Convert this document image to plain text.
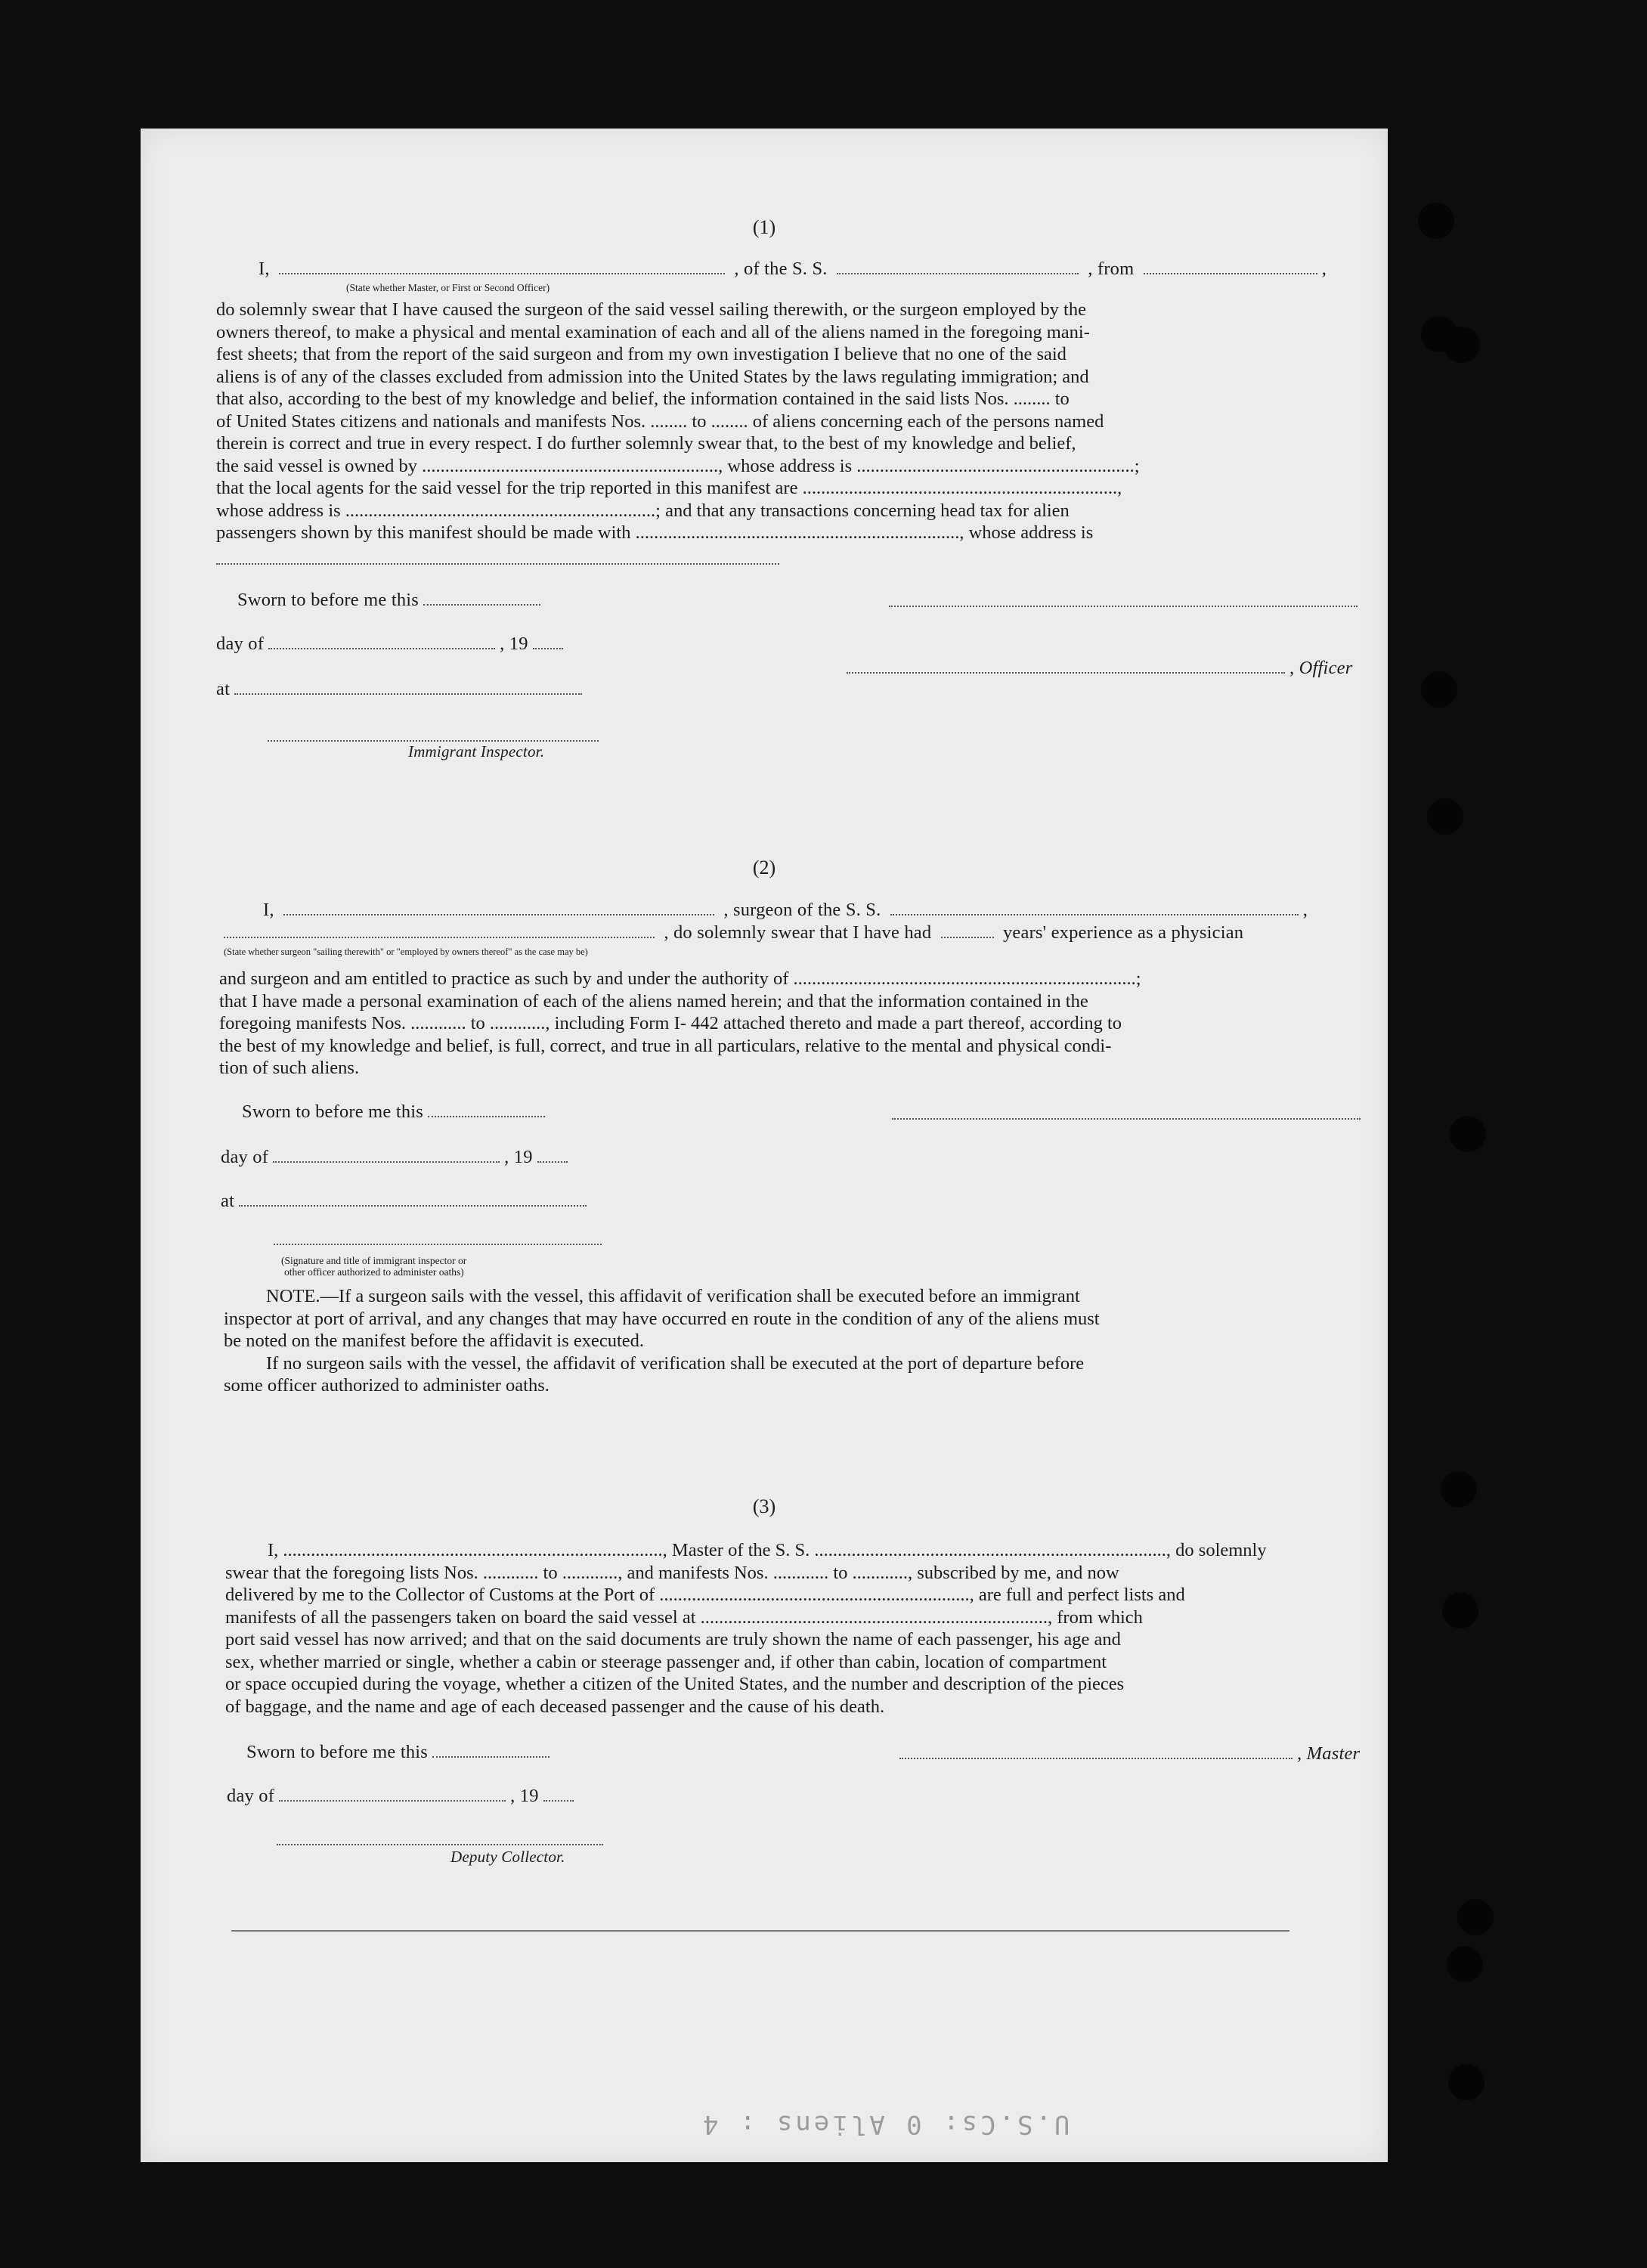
(1)
I,	, of the S. S.	, from	,
(State whether Master, or First or Second Officer)

do solemnly swear that I have caused the surgeon of the said vessel sailing therewith, or the surgeon employed by the

owners thereof, to make a physical and mental examination of each and all of the aliens named in the foregoing mani-

fest sheets; that from the report of the said surgeon and from my own investigation I believe that no one of the said

aliens is of any of the classes excluded from admission into the United States by the laws regulating immigration; and

that also, according to the best of my knowledge and belief, the information contained in the said lists Nos. ........ to

of United States citizens and nationals and manifests Nos. ........ to ........ of aliens concerning each of the persons named

therein is correct and true in every respect. I do further solemnly swear that, to the best of my knowledge and belief,

the said vessel is owned by ................................................................, whose address is ............................................................;

that the local agents for the said vessel for the trip reported in this manifest are ....................................................................,

whose address is ...................................................................; and that any transactions concerning head tax for alien

passengers shown by this manifest should be made with ......................................................................, whose address is

Sworn to before me this
day of	, 19
, Officer
at
Immigrant Inspector.
(2)
I,	, surgeon of the S. S.	,
, do solemnly swear that I have had	years' experience as a physician
(State whether surgeon "sailing therewith" or "employed by owners thereof" as the case may be)

and surgeon and am entitled to practice as such by and under the authority of ..........................................................................;

that I have made a personal examination of each of the aliens named herein; and that the information contained in the

foregoing manifests Nos. ............ to ............, including Form I- 442 attached thereto and made a part thereof, according to

the best of my knowledge and belief, is full, correct, and true in all particulars, relative to the mental and physical condi-

tion of such aliens.

Sworn to before me this
day of	, 19
at
(Signature and title of immigrant inspector or
other officer authorized to administer oaths)

NOTE.—If a surgeon sails with the vessel, this affidavit of verification shall be executed before an immigrant

inspector at port of arrival, and any changes that may have occurred en route in the condition of any of the aliens must

be noted on the manifest before the affidavit is executed.

If no surgeon sails with the vessel, the affidavit of verification shall be executed at the port of departure before

some officer authorized to administer oaths.

(3)

I, .................................................................................., Master of the S. S. ............................................................................, do solemnly

swear that the foregoing lists Nos. ............ to ............, and manifests Nos. ............ to ............, subscribed by me, and now

delivered by me to the Collector of Customs at the Port of ..................................................................., are full and perfect lists and

manifests of all the passengers taken on board the said vessel at ..........................................................................., from which

port said vessel has now arrived; and that on the said documents are truly shown the name of each passenger, his age and

sex, whether married or single, whether a cabin or steerage passenger and, if other than cabin, location of compartment

or space occupied during the voyage, whether a citizen of the United States, and the number and description of the pieces

of baggage, and the name and age of each deceased passenger and the cause of his death.

Sworn to before me this	, Master
day of	, 19
Deputy Collector.
U.S.Cs: 0 Aliens : 4
